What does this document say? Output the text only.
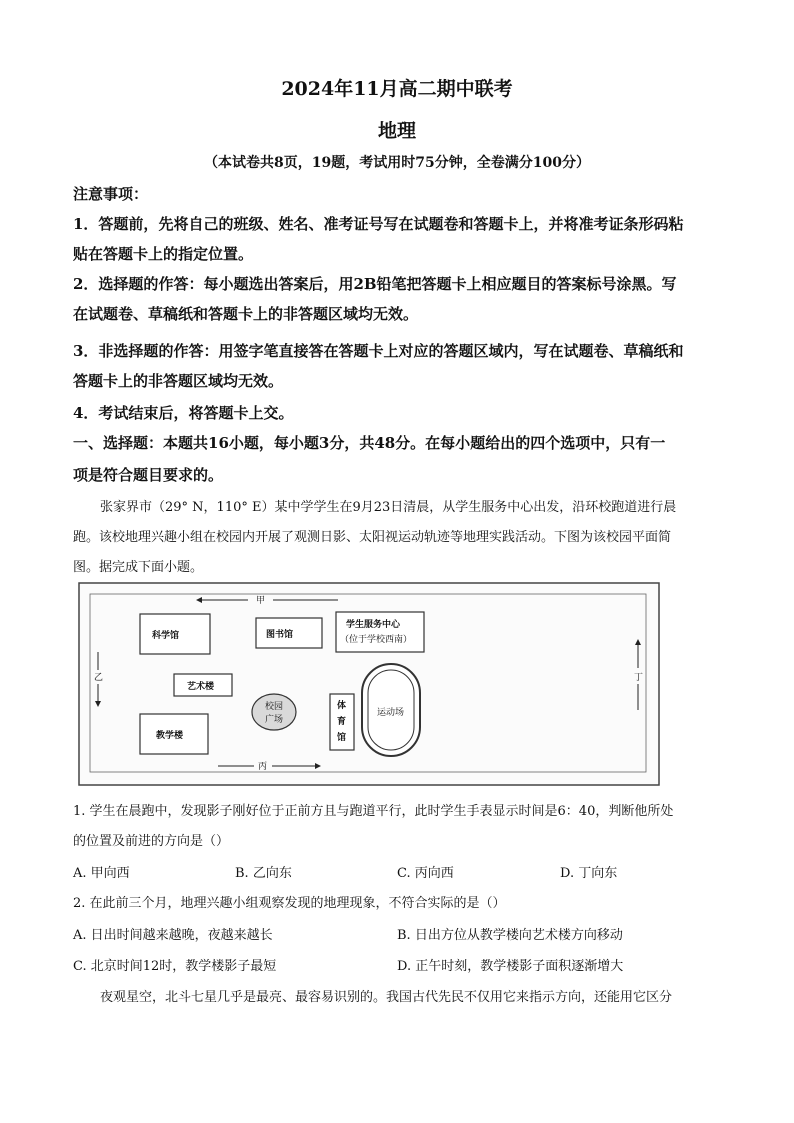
2024年11月高二期中联考
地理
（本试卷共8页，19题，考试用时75分钟，全卷满分100分）
注意事项：
1．答题前，先将自己的班级、姓名、准考证号写在试题卷和答题卡上，并将准考证条形码粘
贴在答题卡上的指定位置。
2．选择题的作答：每小题选出答案后，用2B铅笔把答题卡上相应题目的答案标号涂黑。写
在试题卷、草稿纸和答题卡上的非答题区域均无效。
3．非选择题的作答：用签字笔直接答在答题卡上对应的答题区域内，写在试题卷、草稿纸和
答题卡上的非答题区域均无效。
4．考试结束后，将答题卡上交。
一、选择题：本题共16小题，每小题3分，共48分。在每小题给出的四个选项中，只有一
项是符合题目要求的。
张家界市（29° N，110° E）某中学学生在9月23日清晨，从学生服务中心出发，沿环校跑道进行晨
跑。该校地理兴趣小组在校园内开展了观测日影、太阳视运动轨迹等地理实践活动。下图为该校园平面简
图。据完成下面小题。
甲
乙
丙
丁
科学馆	图书馆
学生服务中心
（位于学校西南）
艺术楼
校园
广场
体
育
馆
运动场
教学楼
1. 学生在晨跑中，发现影子刚好位于正前方且与跑道平行，此时学生手表显示时间是6：40，判断他所处
的位置及前进的方向是（）
A. 甲向西	B. 乙向东	C. 丙向西	D. 丁向东
2. 在此前三个月，地理兴趣小组观察发现的地理现象，不符合实际的是（）
A. 日出时间越来越晚，夜越来越长	B. 日出方位从教学楼向艺术楼方向移动
C. 北京时间12时，教学楼影子最短	D. 正午时刻，教学楼影子面积逐渐增大
夜观星空，北斗七星几乎是最亮、最容易识别的。我国古代先民不仅用它来指示方向，还能用它区分
